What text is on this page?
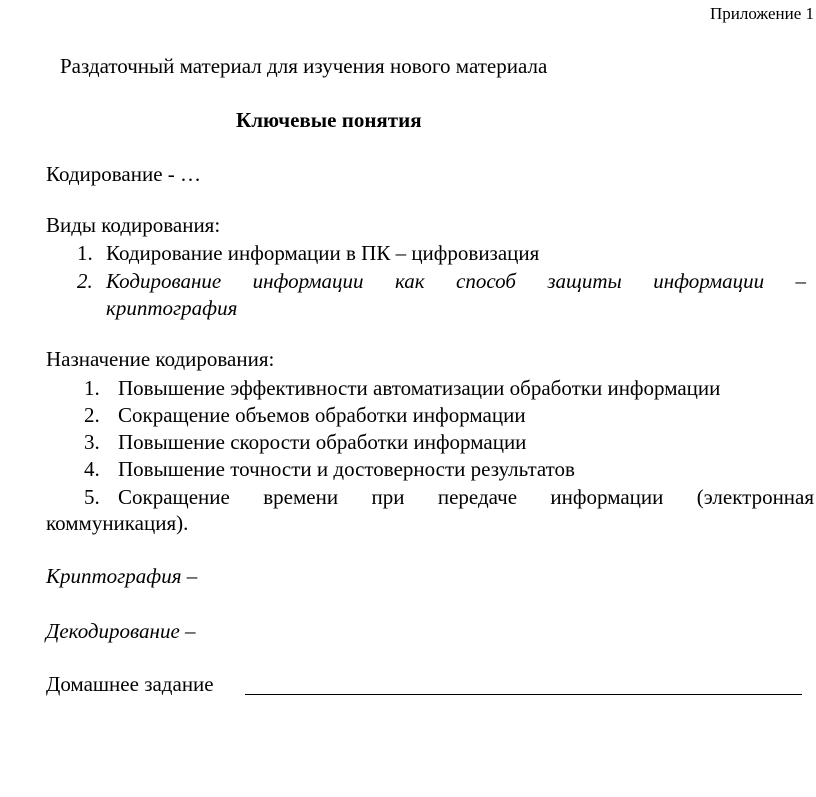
Приложение 1
Раздаточный материал для изучения нового материала
Ключевые понятия
Кодирование - …
Виды кодирования:
1. Кодирование информации в ПК – цифровизация
2. Кодирование информации как способ защиты информации –
криптография
Назначение кодирования:
1. Повышение эффективности автоматизации обработки информации
2. Сокращение объемов обработки информации
3. Повышение скорости обработки информации
4. Повышение точности и достоверности результатов
5. Сокращение времени при передаче информации (электронная
коммуникация).
Криптография –
Декодирование –
Домашнее задание
